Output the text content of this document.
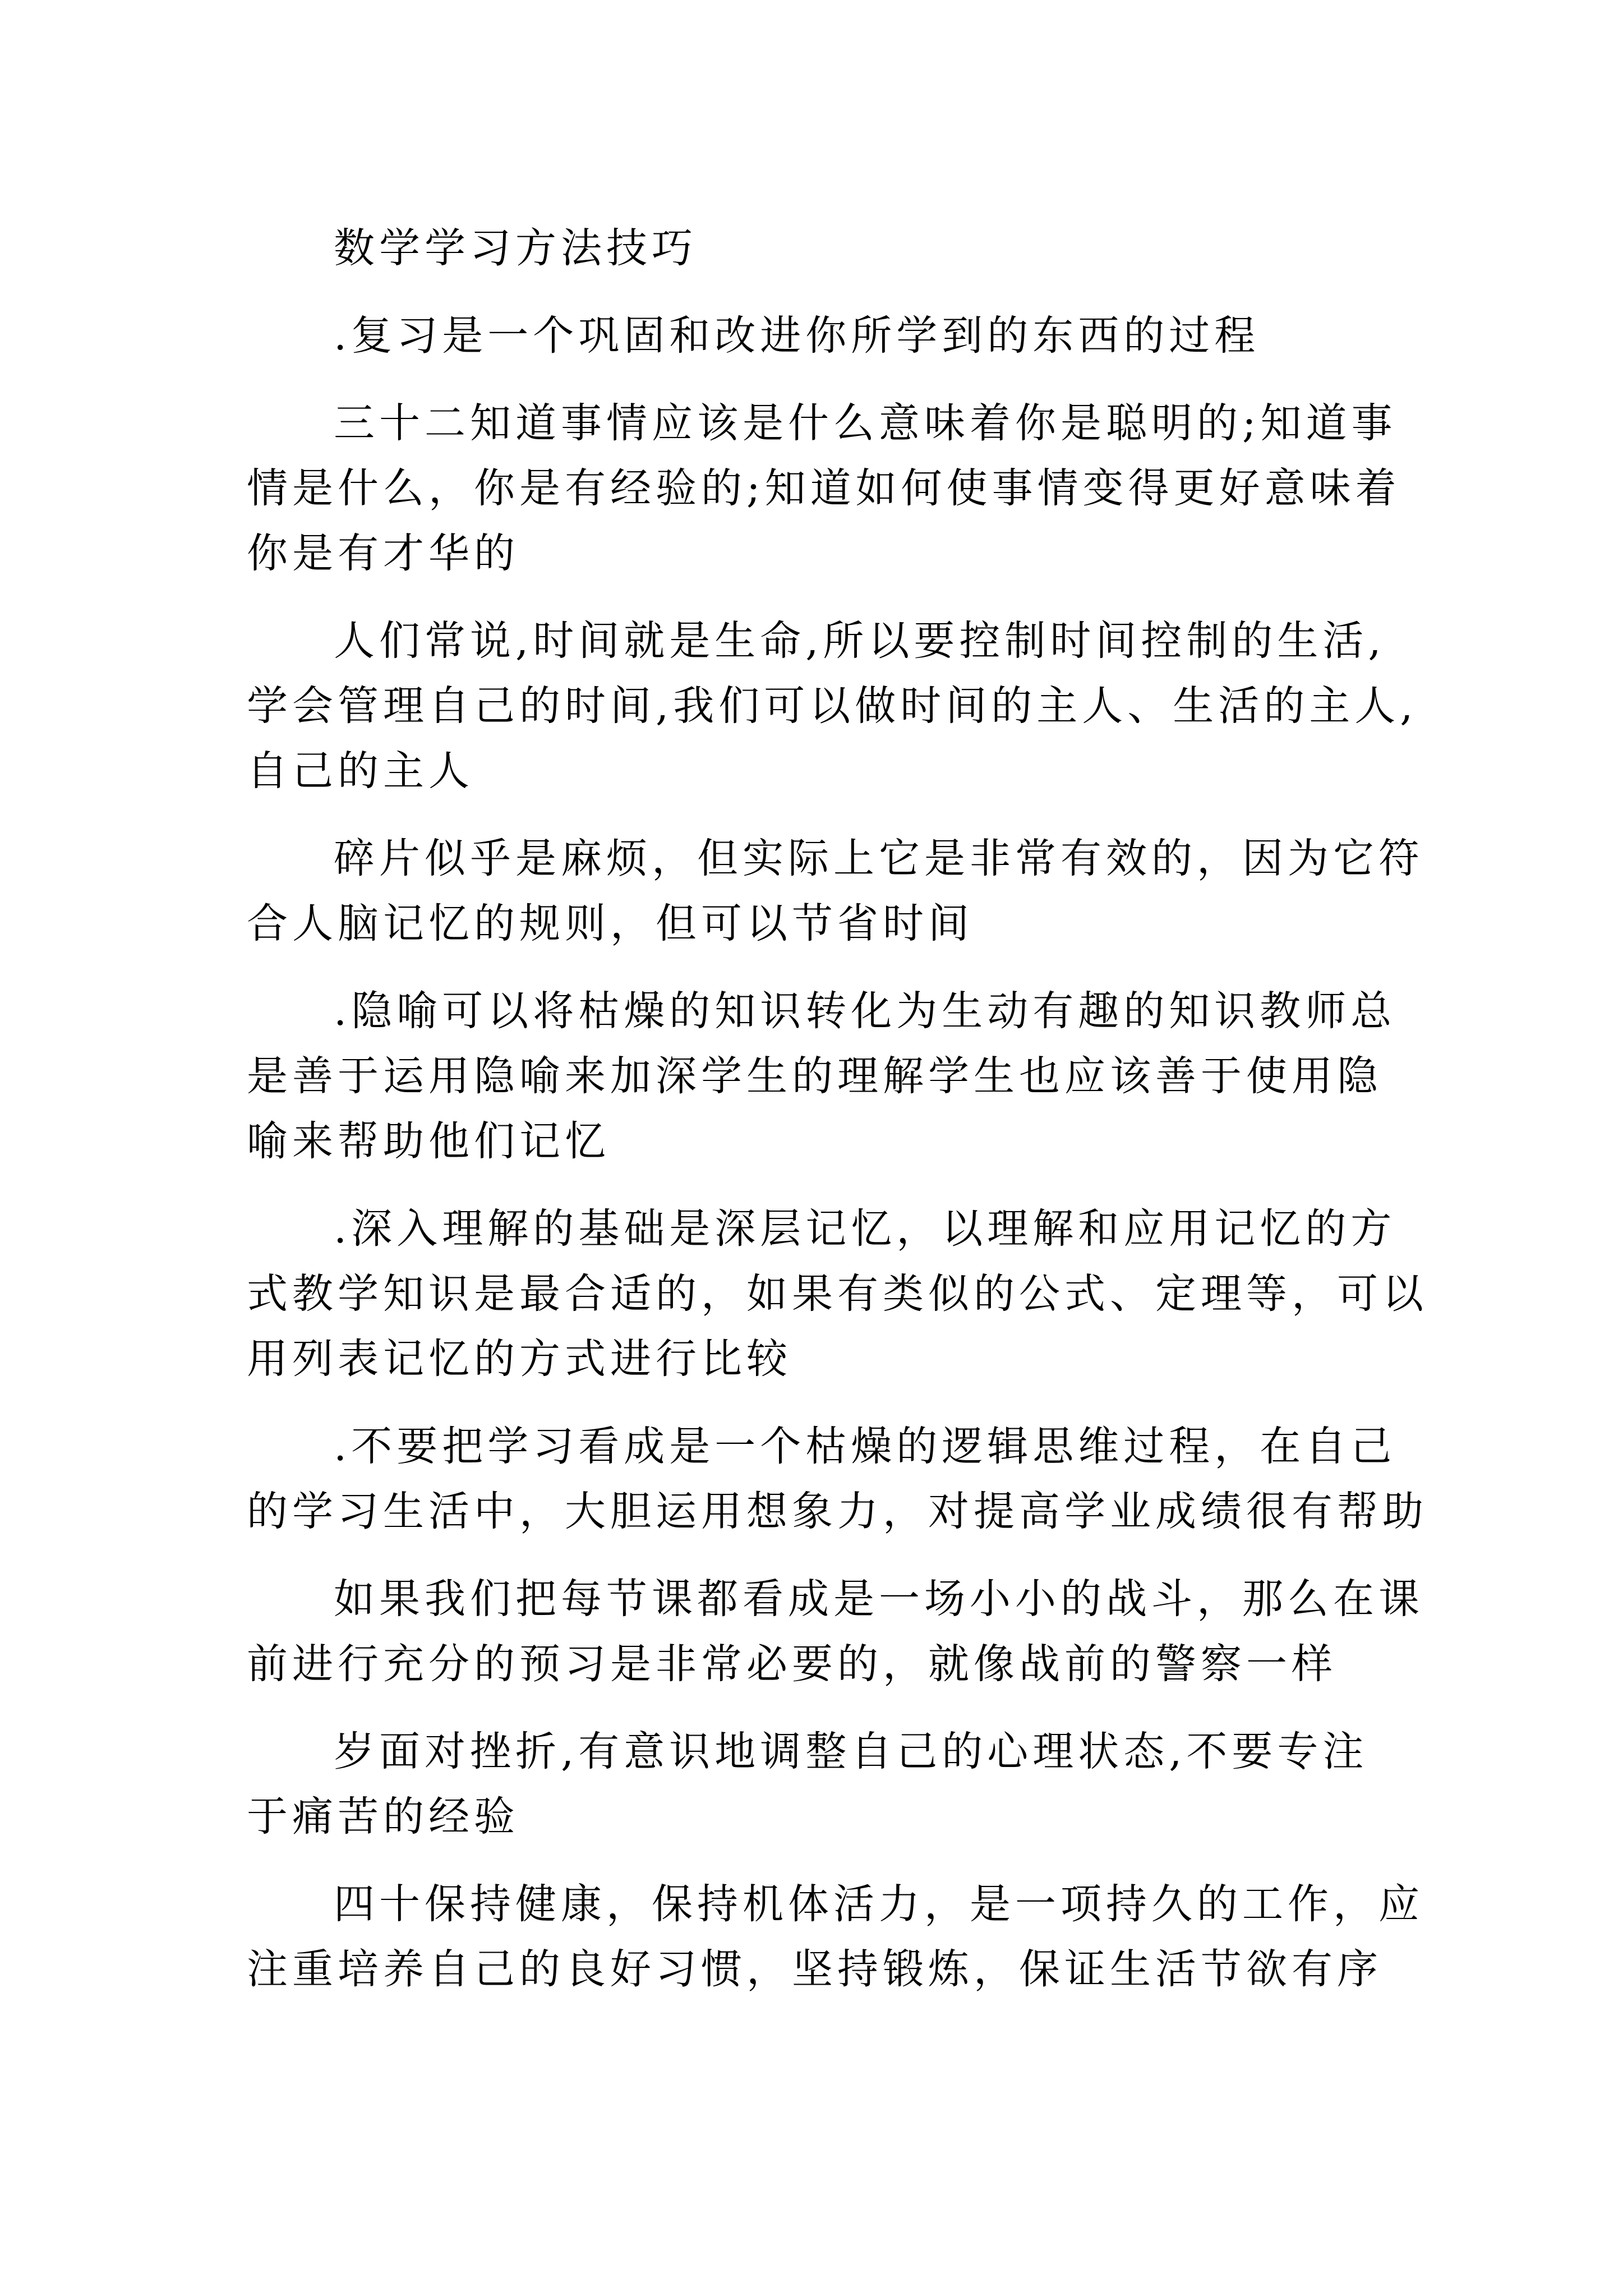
数学学习方法技巧
.复习是一个巩固和改进你所学到的东西的过程
三十二知道事情应该是什么意味着你是聪明的;知道事
情是什么，你是有经验的;知道如何使事情变得更好意味着
你是有才华的
人们常说,时间就是生命,所以要控制时间控制的生活,
学会管理自己的时间,我们可以做时间的主人、生活的主人,
自己的主人
碎片似乎是麻烦，但实际上它是非常有效的，因为它符
合人脑记忆的规则，但可以节省时间
.隐喻可以将枯燥的知识转化为生动有趣的知识教师总
是善于运用隐喻来加深学生的理解学生也应该善于使用隐
喻来帮助他们记忆
.深入理解的基础是深层记忆，以理解和应用记忆的方
式教学知识是最合适的，如果有类似的公式、定理等，可以
用列表记忆的方式进行比较
.不要把学习看成是一个枯燥的逻辑思维过程，在自己
的学习生活中，大胆运用想象力，对提高学业成绩很有帮助
如果我们把每节课都看成是一场小小的战斗，那么在课
前进行充分的预习是非常必要的，就像战前的警察一样
岁面对挫折,有意识地调整自己的心理状态,不要专注
于痛苦的经验
四十保持健康，保持机体活力，是一项持久的工作，应
注重培养自己的良好习惯，坚持锻炼，保证生活节欲有序
